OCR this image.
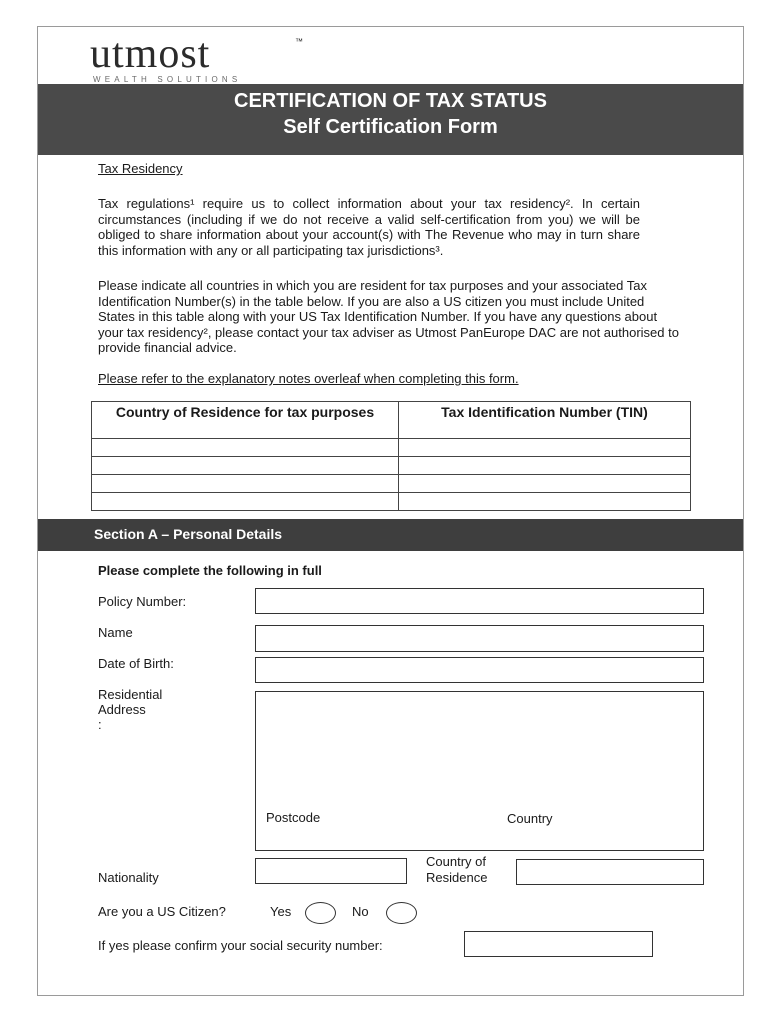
utmost	™
WEALTH SOLUTIONS
CERTIFICATION OF TAX STATUS
Self Certification Form
Tax Residency
Tax regulations¹ require us to collect information about your tax residency². In certain circumstances (including if we do not receive a valid self-certification from you) we will be obliged to share information about your account(s) with The Revenue who may in turn share this information with any or all participating tax jurisdictions³.
Please indicate all countries in which you are resident for tax purposes and your associated Tax Identification Number(s) in the table below. If you are also a US citizen you must include United States in this table along with your US Tax Identification Number. If you have any questions about your tax residency², please contact your tax adviser as Utmost PanEurope DAC are not authorised to provide financial advice.
Please refer to the explanatory notes overleaf when completing this form.
Country of Residence for tax purposes	Tax Identification Number (TIN)

Section A – Personal Details
Please complete the following in full
Policy Number:
Name
Date of Birth:
Residential
Address
:
Postcode	Country
Nationality
Country of
Residence
Are you a US Citizen?	Yes	No
If yes please confirm your social security number:
